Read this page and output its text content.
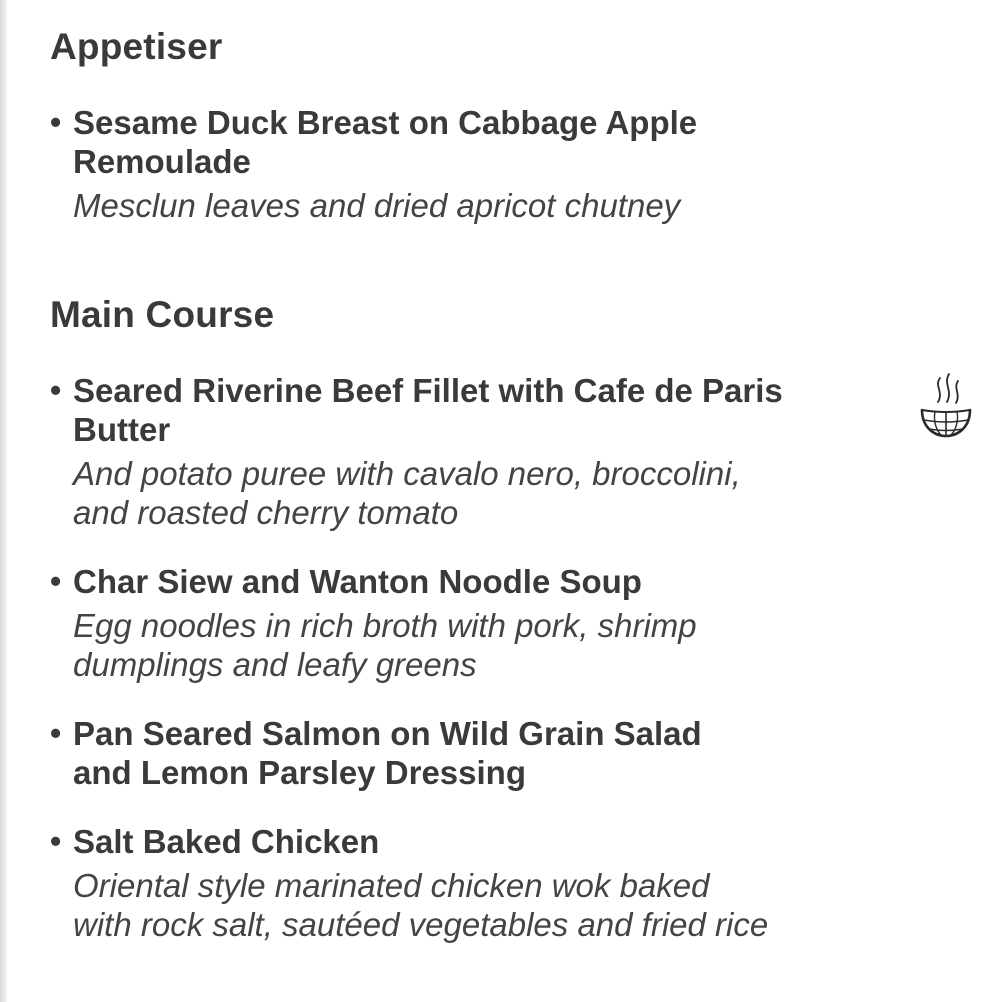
Appetiser
• Sesame Duck Breast on Cabbage Apple
Remoulade
Mesclun leaves and dried apricot chutney
Main Course
• Seared Riverine Beef Fillet with Cafe de Paris
Butter
And potato puree with cavalo nero, broccolini,
and roasted cherry tomato
• Char Siew and Wanton Noodle Soup
Egg noodles in rich broth with pork, shrimp
dumplings and leafy greens
• Pan Seared Salmon on Wild Grain Salad
and Lemon Parsley Dressing
• Salt Baked Chicken
Oriental style marinated chicken wok baked
with rock salt, sautéed vegetables and fried rice
